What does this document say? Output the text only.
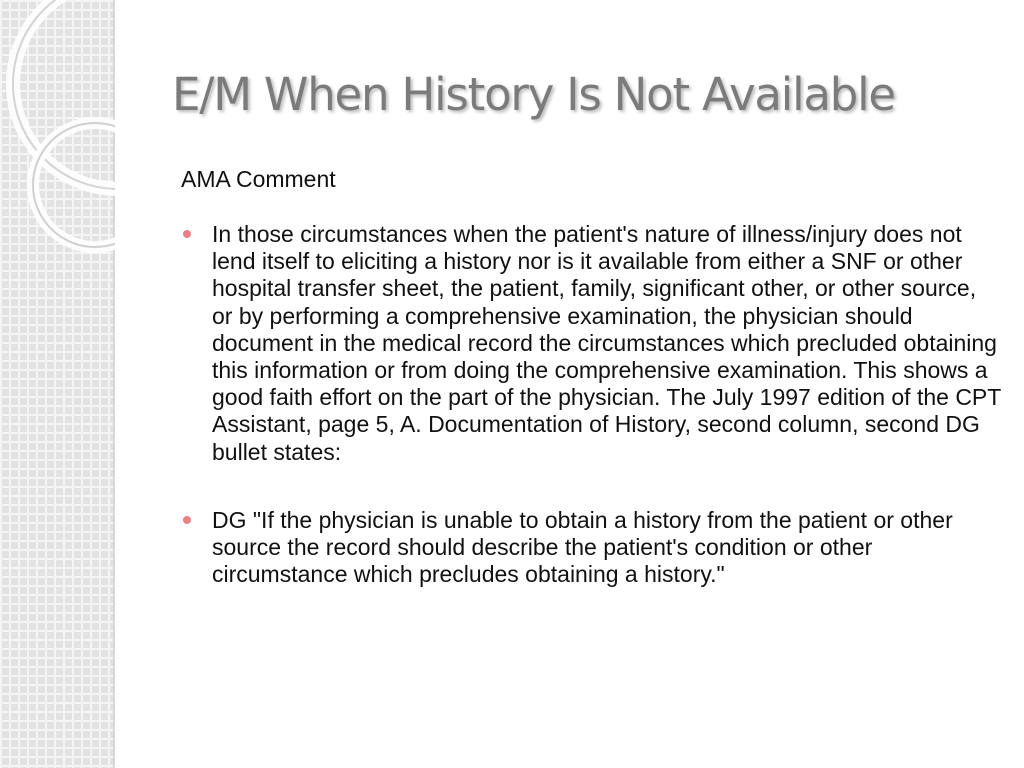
E/M When History Is Not Available

AMA Comment

In those circumstances when the patient's nature of illness/injury does not lend itself to eliciting a history nor is it available from either a SNF or other hospital transfer sheet, the patient, family, significant other, or other source, or by performing a comprehensive examination, the physician should document in the medical record the circumstances which precluded obtaining this information or from doing the comprehensive examination. This shows a good faith effort on the part of the physician. The July 1997 edition of the CPT Assistant, page 5, A. Documentation of History, second column, second DG bullet states:
DG "If the physician is unable to obtain a history from the patient or other source the record should describe the patient's condition or other circumstance which precludes obtaining a history."
